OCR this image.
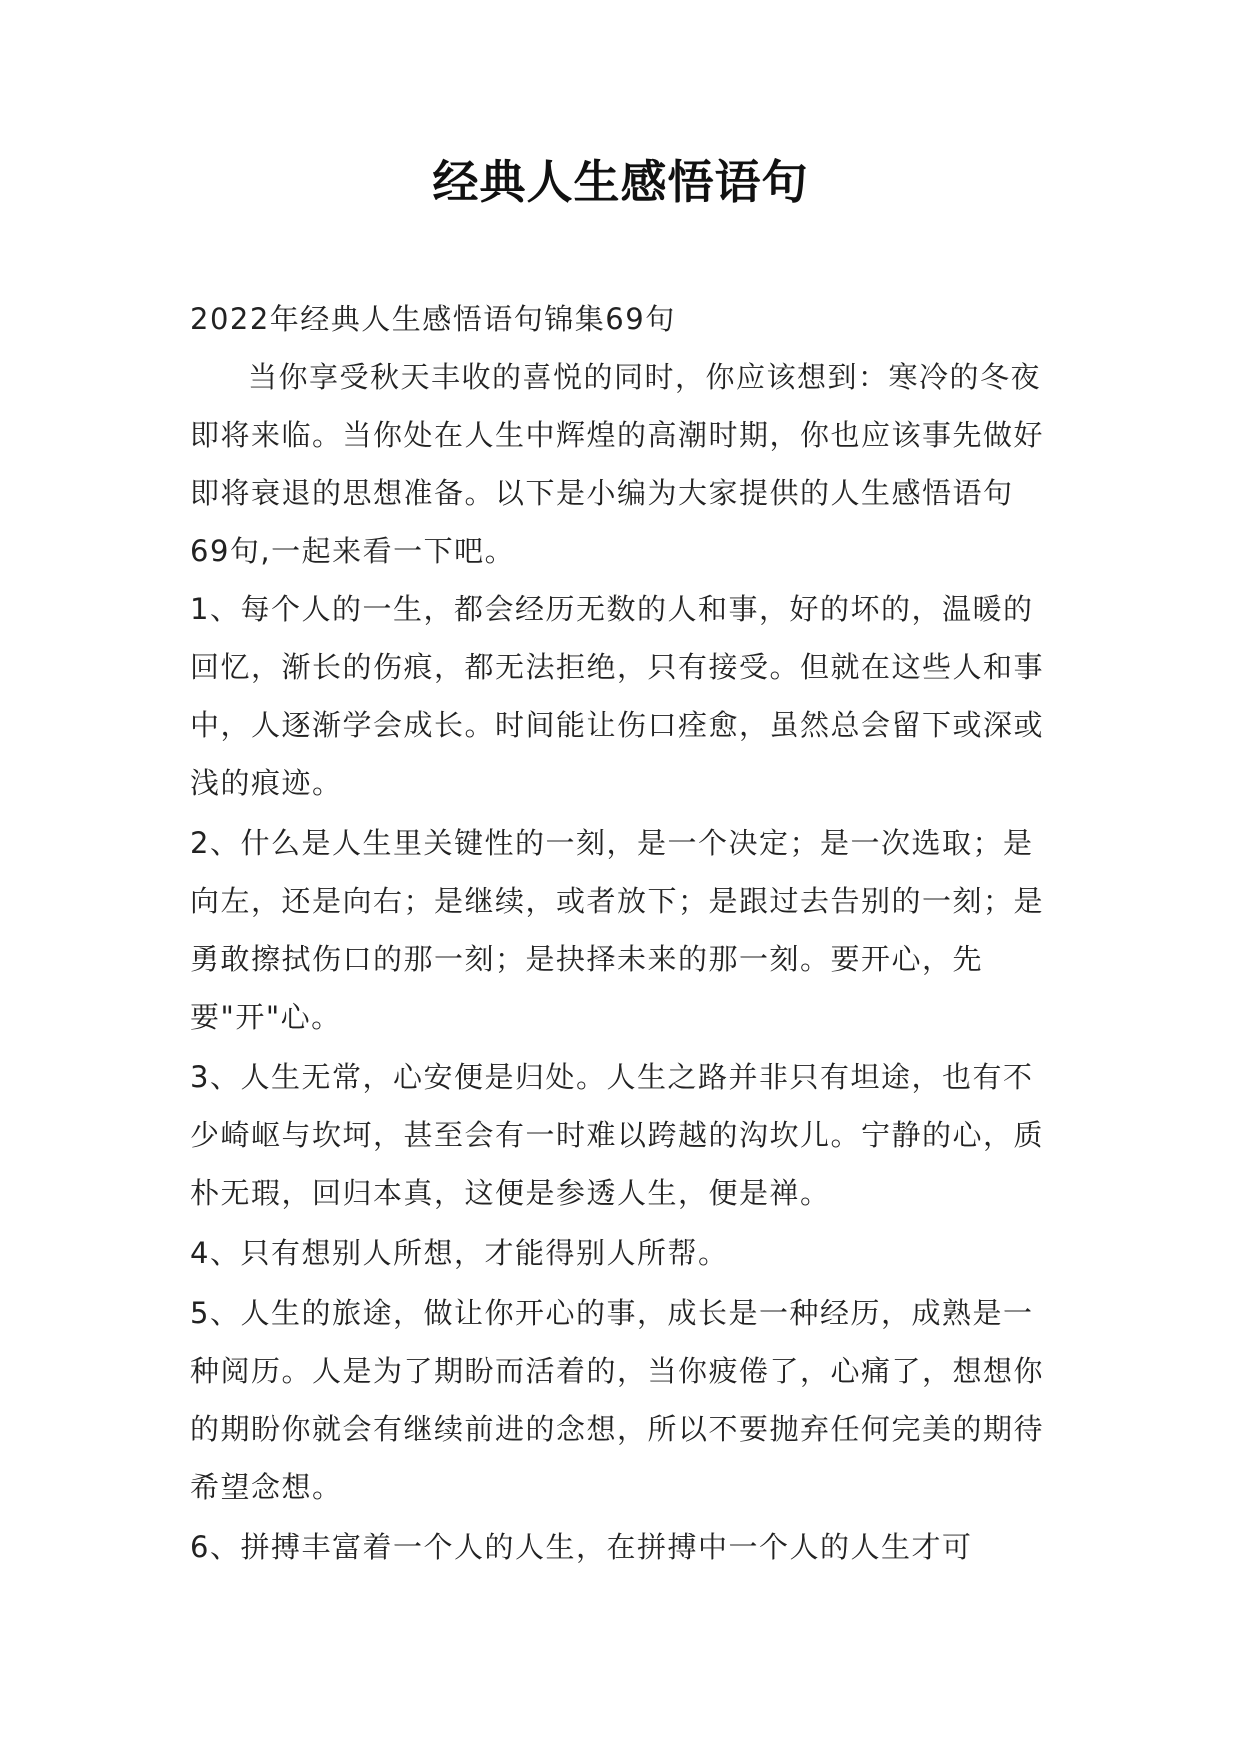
经典人生感悟语句

2022年经典人生感悟语句锦集69句

当你享受秋天丰收的喜悦的同时，你应该想到：寒冷的冬夜即将来临。当你处在人生中辉煌的高潮时期，你也应该事先做好即将衰退的思想准备。以下是小编为大家提供的人生感悟语句69句,一起来看一下吧。

1、每个人的一生，都会经历无数的人和事，好的坏的，温暖的回忆，渐长的伤痕，都无法拒绝，只有接受。但就在这些人和事中，人逐渐学会成长。时间能让伤口痊愈，虽然总会留下或深或浅的痕迹。

2、什么是人生里关键性的一刻，是一个决定；是一次选取；是向左，还是向右；是继续，或者放下；是跟过去告别的一刻；是勇敢擦拭伤口的那一刻；是抉择未来的那一刻。要开心，先要"开"心。

3、人生无常，心安便是归处。人生之路并非只有坦途，也有不少崎岖与坎坷，甚至会有一时难以跨越的沟坎儿。宁静的心，质朴无瑕，回归本真，这便是参透人生，便是禅。

4、只有想别人所想，才能得别人所帮。

5、人生的旅途，做让你开心的事，成长是一种经历，成熟是一种阅历。人是为了期盼而活着的，当你疲倦了，心痛了，想想你的期盼你就会有继续前进的念想，所以不要抛弃任何完美的期待希望念想。

6、拼搏丰富着一个人的人生，在拼搏中一个人的人生才可
